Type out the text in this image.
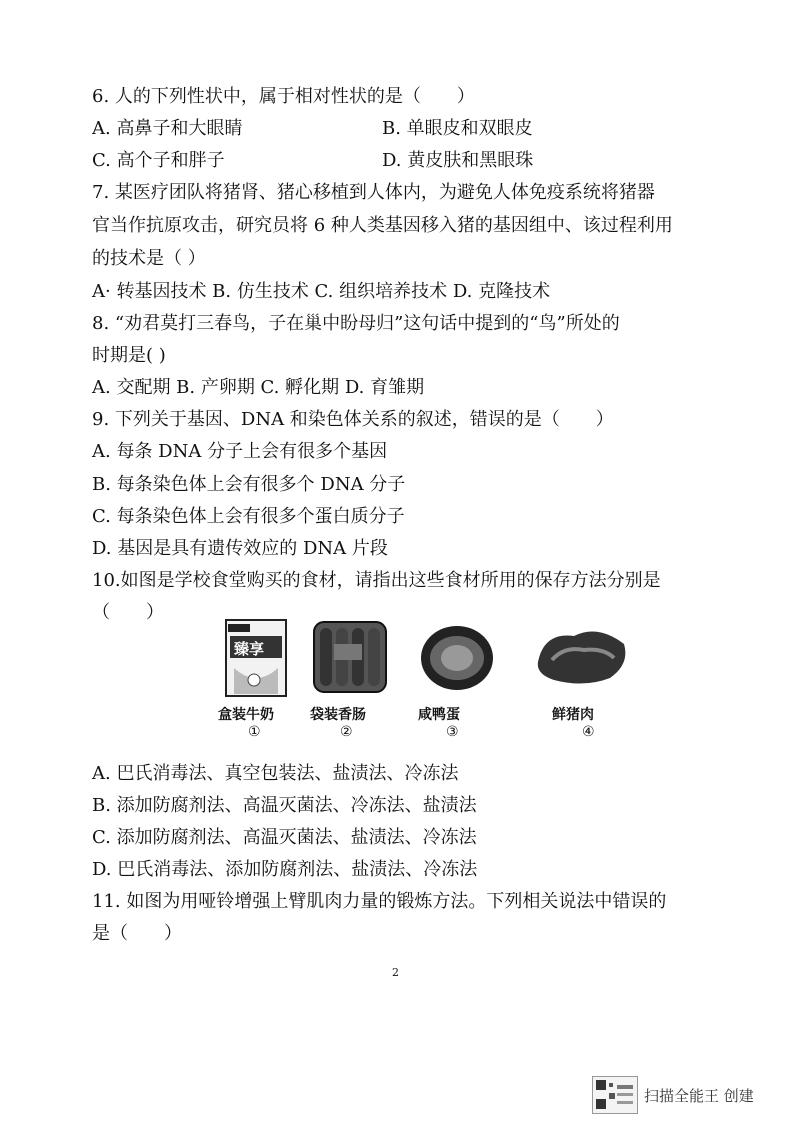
6. 人的下列性状中，属于相对性状的是（　　）
A. 高鼻子和大眼睛	B. 单眼皮和双眼皮
C. 高个子和胖子	D. 黄皮肤和黑眼珠
7. 某医疗团队将猪肾、猪心移植到人体内，为避免人体免疫系统将猪器
官当作抗原攻击，研究员将 6 种人类基因移入猪的基因组中、该过程利用
的技术是（ ）
A· 转基因技术 B. 仿生技术 C. 组织培养技术 D. 克隆技术
8. “劝君莫打三春鸟，子在巢中盼母归”这句话中提到的“鸟”所处的
时期是( )
A. 交配期 B. 产卵期 C. 孵化期 D. 育雏期
9. 下列关于基因、DNA 和染色体关系的叙述，错误的是（　　）
A. 每条 DNA 分子上会有很多个基因
B. 每条染色体上会有很多个 DNA 分子
C. 每条染色体上会有很多个蛋白质分子
D. 基因是具有遗传效应的 DNA 片段
10.如图是学校食堂购买的食材，请指出这些食材所用的保存方法分别是
（　　）
臻享
盒装牛奶	袋装香肠	咸鸭蛋	鲜猪肉
①	②	③	④
A. 巴氏消毒法、真空包装法、盐渍法、冷冻法
B. 添加防腐剂法、高温灭菌法、冷冻法、盐渍法
C. 添加防腐剂法、高温灭菌法、盐渍法、冷冻法
D. 巴氏消毒法、添加防腐剂法、盐渍法、冷冻法
11. 如图为用哑铃增强上臂肌肉力量的锻炼方法。下列相关说法中错误的
是（　　）
2
扫描全能王 创建
